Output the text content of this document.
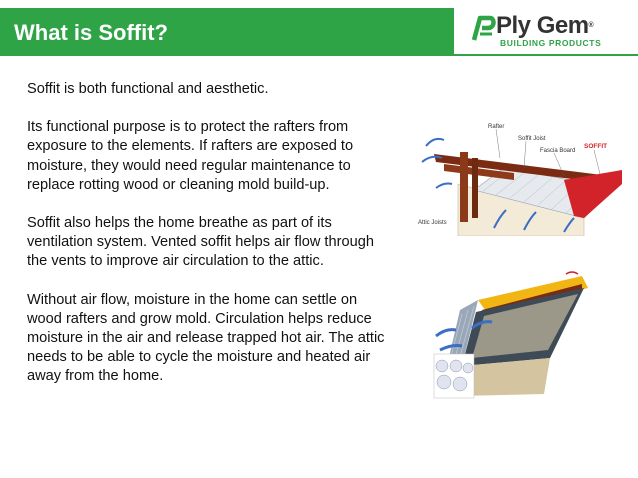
What is Soffit?	Ply Gem®
BUILDING PRODUCTS

Soffit is both functional and aesthetic.

Its functional purpose is to protect the rafters from exposure to the elements. If rafters are exposed to moisture, they would need regular maintenance to replace rotting wood or cleaning mold build-up.

Soffit also helps the home breathe as part of its ventilation system. Vented soffit helps air flow through the vents to improve air circulation to the attic.

Without air flow, moisture in the home can settle on wood rafters and grow mold. Circulation helps reduce moisture in the air and release trapped hot air. The attic needs to be able to cycle the moisture and heated air away from the home.

Rafter
Soffit Joist
Fascia Board
SOFFIT
Attic Joists
